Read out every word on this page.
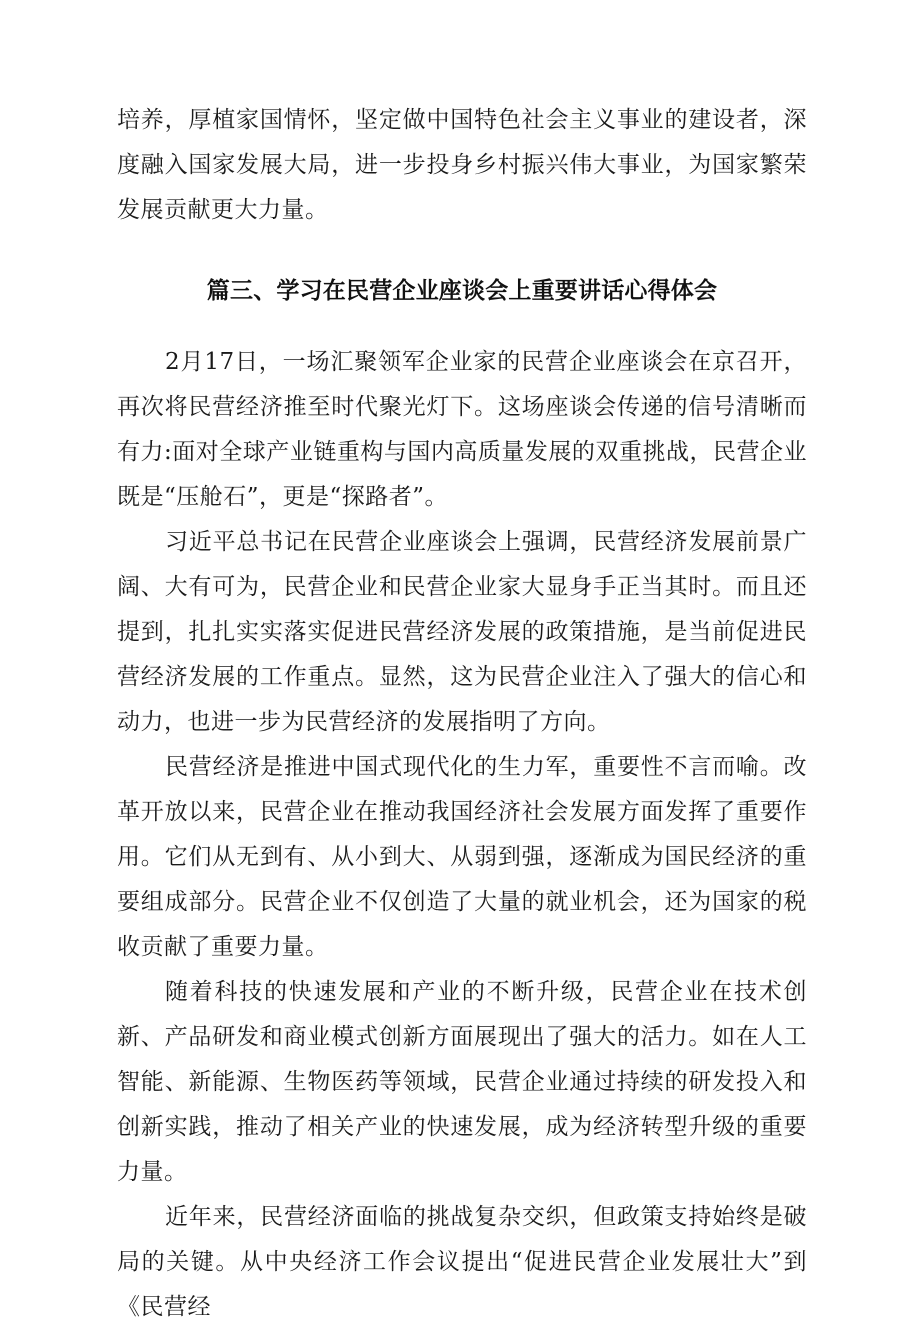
培养，厚植家国情怀，坚定做中国特色社会主义事业的建设者，深度融入国家发展大局，进一步投身乡村振兴伟大事业，为国家繁荣发展贡献更大力量。

篇三、学习在民营企业座谈会上重要讲话心得体会

2月17日，一场汇聚领军企业家的民营企业座谈会在京召开，再次将民营经济推至时代聚光灯下。这场座谈会传递的信号清晰而有力:面对全球产业链重构与国内高质量发展的双重挑战，民营企业既是“压舱石”，更是“探路者”。

习近平总书记在民营企业座谈会上强调，民营经济发展前景广阔、大有可为，民营企业和民营企业家大显身手正当其时。而且还提到，扎扎实实落实促进民营经济发展的政策措施，是当前促进民营经济发展的工作重点。显然，这为民营企业注入了强大的信心和动力，也进一步为民营经济的发展指明了方向。

民营经济是推进中国式现代化的生力军，重要性不言而喻。改革开放以来，民营企业在推动我国经济社会发展方面发挥了重要作用。它们从无到有、从小到大、从弱到强，逐渐成为国民经济的重要组成部分。民营企业不仅创造了大量的就业机会，还为国家的税收贡献了重要力量。

随着科技的快速发展和产业的不断升级，民营企业在技术创新、产品研发和商业模式创新方面展现出了强大的活力。如在人工智能、新能源、生物医药等领域，民营企业通过持续的研发投入和创新实践，推动了相关产业的快速发展，成为经济转型升级的重要力量。

近年来，民营经济面临的挑战复杂交织，但政策支持始终是破局的关键。从中央经济工作会议提出“促进民营企业发展壮大”到《民营经
